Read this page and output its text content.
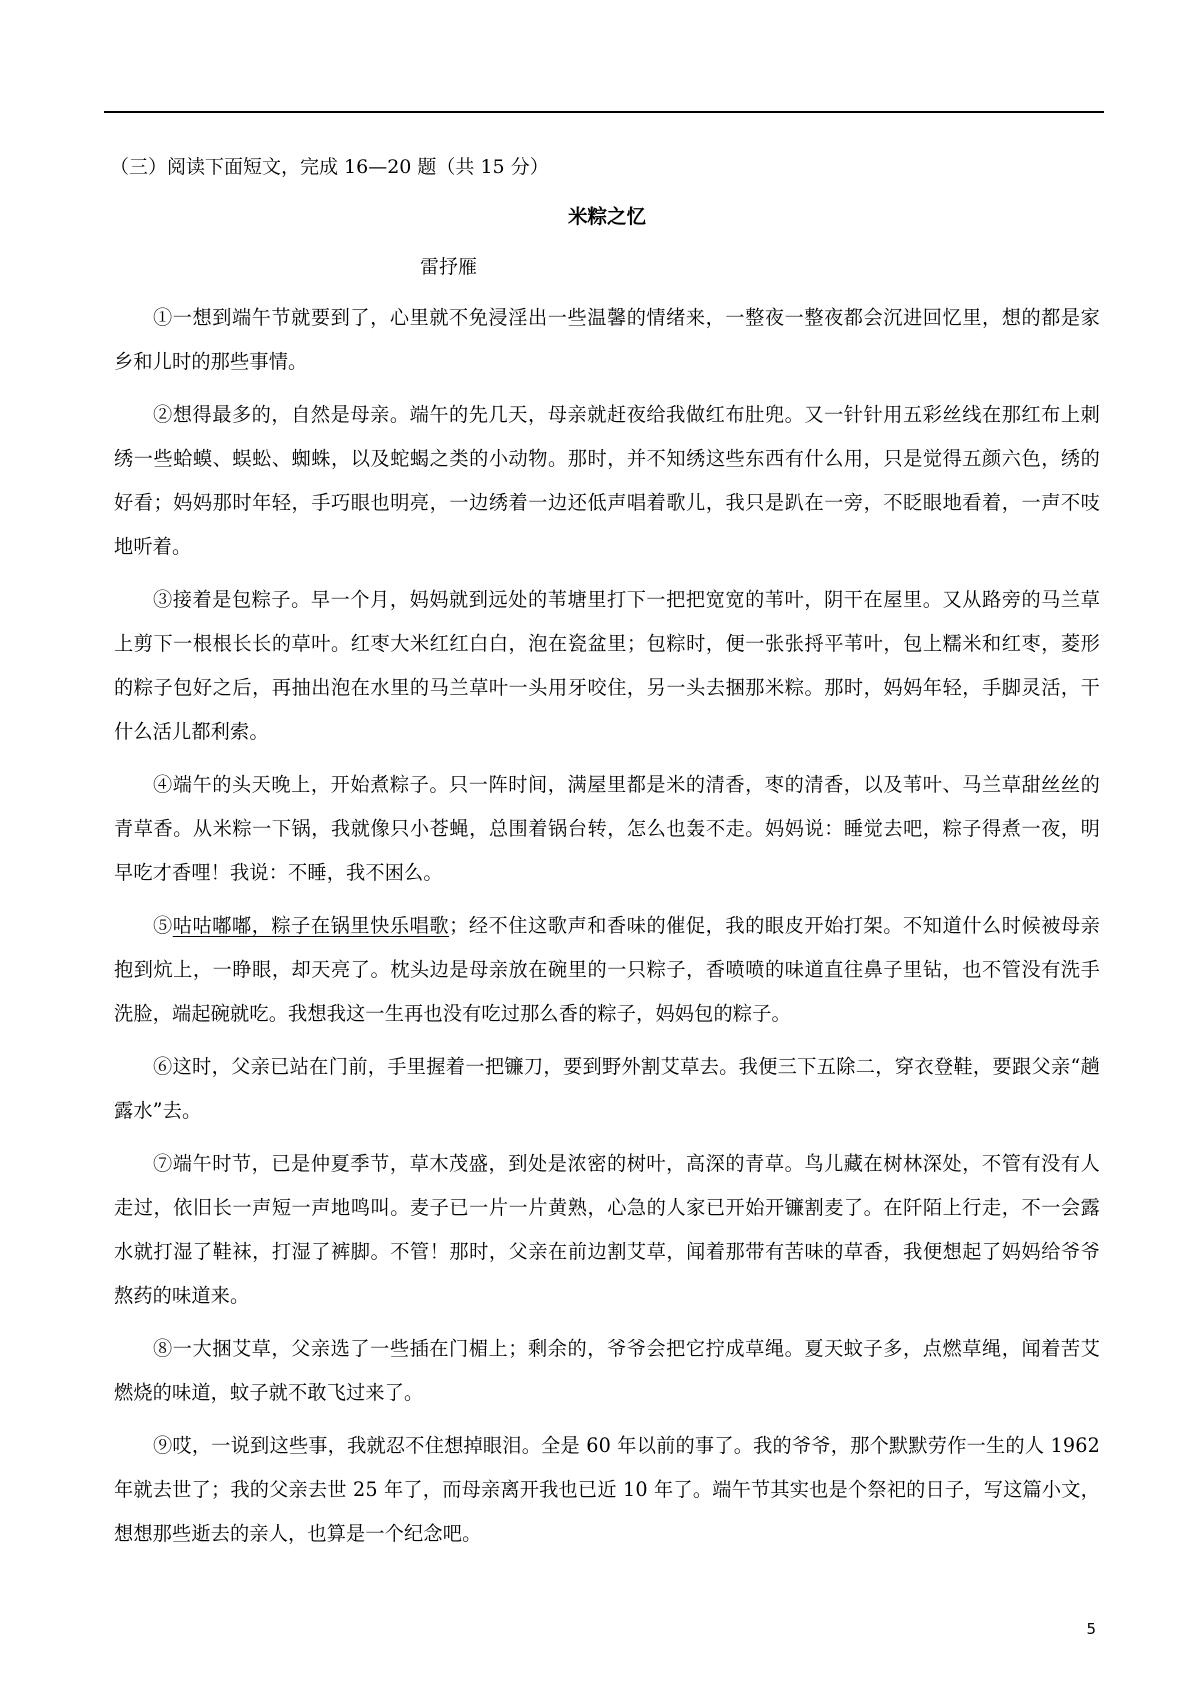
（三）阅读下面短文，完成 16—20 题（共 15 分）
米粽之忆
雷抒雁

①一想到端午节就要到了，心里就不免浸淫出一些温馨的情绪来，一整夜一整夜都会沉进回忆里，想的都是家乡和儿时的那些事情。

②想得最多的，自然是母亲。端午的先几天，母亲就赶夜给我做红布肚兜。又一针针用五彩丝线在那红布上刺绣一些蛤蟆、蜈蚣、蜘蛛，以及蛇蝎之类的小动物。那时，并不知绣这些东西有什么用，只是觉得五颜六色，绣的好看；妈妈那时年轻，手巧眼也明亮，一边绣着一边还低声唱着歌儿，我只是趴在一旁，不眨眼地看着，一声不吱地听着。

③接着是包粽子。早一个月，妈妈就到远处的苇塘里打下一把把宽宽的苇叶，阴干在屋里。又从路旁的马兰草上剪下一根根长长的草叶。红枣大米红红白白，泡在瓷盆里；包粽时，便一张张捋平苇叶，包上糯米和红枣，菱形的粽子包好之后，再抽出泡在水里的马兰草叶一头用牙咬住，另一头去捆那米粽。那时，妈妈年轻，手脚灵活，干什么活儿都利索。

④端午的头天晚上，开始煮粽子。只一阵时间，满屋里都是米的清香，枣的清香，以及苇叶、马兰草甜丝丝的青草香。从米粽一下锅，我就像只小苍蝇，总围着锅台转，怎么也轰不走。妈妈说：睡觉去吧，粽子得煮一夜，明早吃才香哩！我说：不睡，我不困么。

⑤咕咕嘟嘟，粽子在锅里快乐唱歌；经不住这歌声和香味的催促，我的眼皮开始打架。不知道什么时候被母亲抱到炕上，一睁眼，却天亮了。枕头边是母亲放在碗里的一只粽子，香喷喷的味道直往鼻子里钻，也不管没有洗手洗脸，端起碗就吃。我想我这一生再也没有吃过那么香的粽子，妈妈包的粽子。

⑥这时，父亲已站在门前，手里握着一把镰刀，要到野外割艾草去。我便三下五除二，穿衣登鞋，要跟父亲“趟露水”去。

⑦端午时节，已是仲夏季节，草木茂盛，到处是浓密的树叶，高深的青草。鸟儿藏在树林深处，不管有没有人走过，依旧长一声短一声地鸣叫。麦子已一片一片黄熟，心急的人家已开始开镰割麦了。在阡陌上行走，不一会露水就打湿了鞋袜，打湿了裤脚。不管！那时，父亲在前边割艾草，闻着那带有苦味的草香，我便想起了妈妈给爷爷熬药的味道来。

⑧一大捆艾草，父亲选了一些插在门楣上；剩余的，爷爷会把它拧成草绳。夏天蚊子多，点燃草绳，闻着苦艾燃烧的味道，蚊子就不敢飞过来了。

⑨哎，一说到这些事，我就忍不住想掉眼泪。全是 60 年以前的事了。我的爷爷，那个默默劳作一生的人 1962 年就去世了；我的父亲去世 25 年了，而母亲离开我也已近 10 年了。端午节其实也是个祭祀的日子，写这篇小文，想想那些逝去的亲人，也算是一个纪念吧。

5
